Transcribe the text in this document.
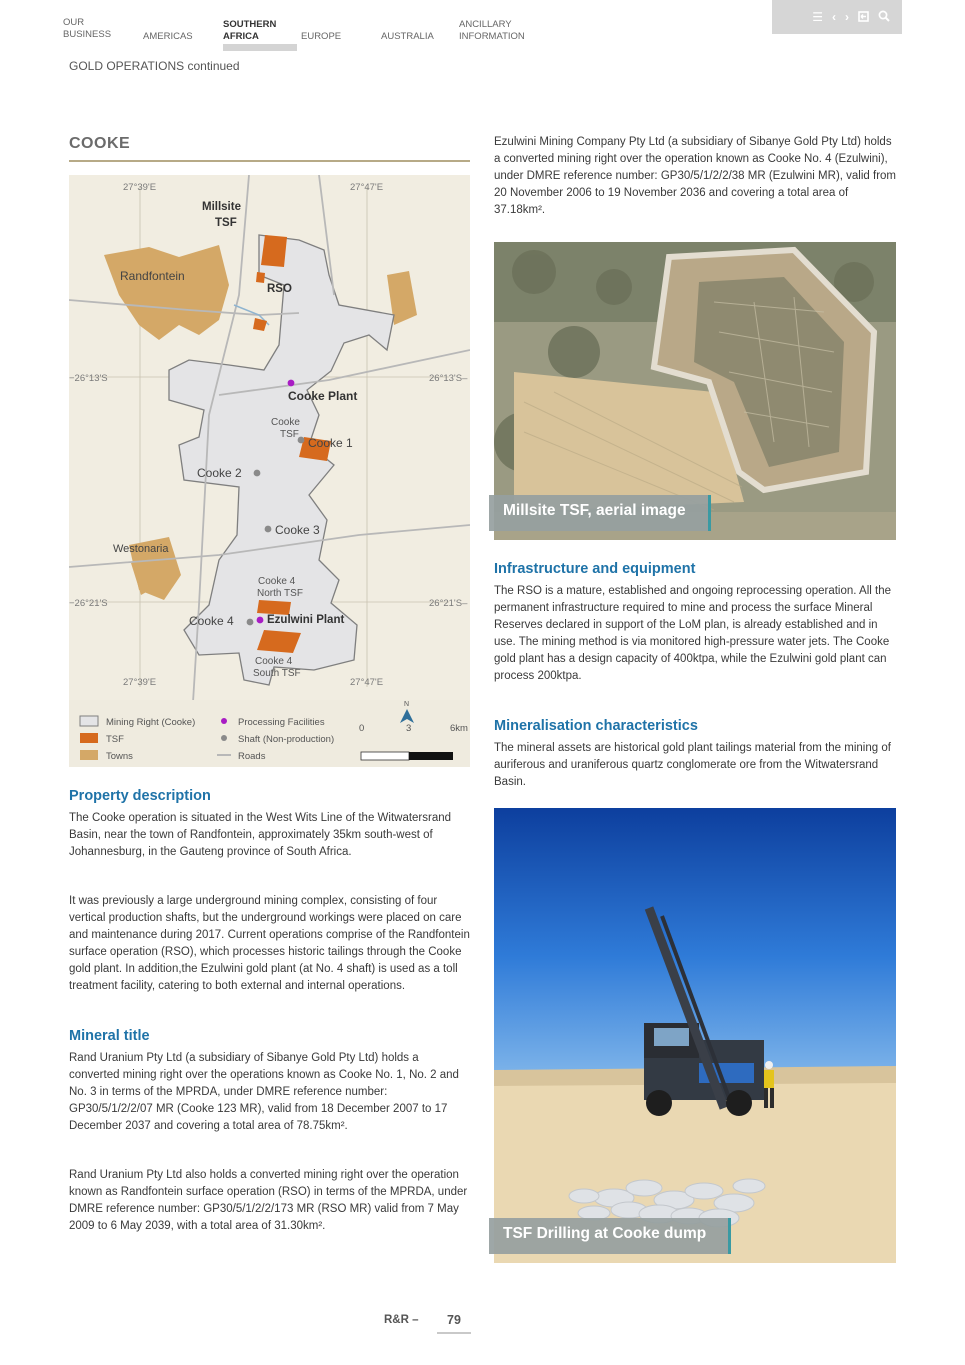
OUR
BUSINESS	AMERICAS
SOUTHERN
AFRICA	EUROPE	AUSTRALIA
ANCILLARY
INFORMATION
☰ ‹ ›
GOLD OPERATIONS continued
COOKE
27°39'E	27°47'E
−26°13'S	26°13'S–
−26°21'S	26°21'S–
27°39'E	27°47'E
Millsite
TSF
Randfontein
RSO
Cooke Plant
Cooke
TSF
Cooke 1
Cooke 2
Cooke 3
Westonaria
Cooke 4
North TSF
Cooke 4	Ezulwini Plant
Cooke 4
South TSF
Mining Right (Cooke)
TSF
Towns
Processing Facilities
Shaft (Non-production)
Roads
0	3	6km
N

Ezulwini Mining Company Pty Ltd (a subsidiary of Sibanye Gold Pty Ltd) holds a converted mining right over the operation known as Cooke No. 4 (Ezulwini), under DMRE reference number: GP30/5/1/2/2/38 MR (Ezulwini MR), valid from 20 November 2006 to 19 November 2036 and covering a total area of 37.18km².

Millsite TSF, aerial image
Infrastructure and equipment

The RSO is a mature, established and ongoing reprocessing operation. All the permanent infrastructure required to mine and process the surface Mineral Reserves declared in support of the LoM plan, is already established and in use. The mining method is via monitored high-pressure water jets. The Cooke gold plant has a design capacity of 400ktpa, while the Ezulwini gold plant can process 200ktpa.

Mineralisation characteristics

The mineral assets are historical gold plant tailings material from the mining of auriferous and uraniferous quartz conglomerate ore from the Witwatersrand Basin.

TSF Drilling at Cooke dump
Property description

The Cooke operation is situated in the West Wits Line of the Witwatersrand Basin, near the town of Randfontein, approximately 35km south-west of Johannesburg, in the Gauteng province of South Africa.

It was previously a large underground mining complex, consisting of four vertical production shafts, but the underground workings were placed on care and maintenance during 2017. Current operations comprise of the Randfontein surface operation (RSO), which processes historic tailings through the Cooke gold plant. In addition,the Ezulwini gold plant (at No. 4 shaft) is used as a toll treatment facility, catering to both external and internal operations.

Mineral title

Rand Uranium Pty Ltd (a subsidiary of Sibanye Gold Pty Ltd) holds a converted mining right over the operations known as Cooke No. 1, No. 2 and No. 3 in terms of the MPRDA, under DMRE reference number: GP30/5/1/2/2/07 MR (Cooke 123 MR), valid from 18 December 2007 to 17 December 2037 and covering a total area of 78.75km².

Rand Uranium Pty Ltd also holds a converted mining right over the operation known as Randfontein surface operation (RSO) in terms of the MPRDA, under DMRE reference number: GP30/5/1/2/2/173 MR (RSO MR) valid from 7 May 2009 to 6 May 2039, with a total area of 31.30km².

R&R –	79
